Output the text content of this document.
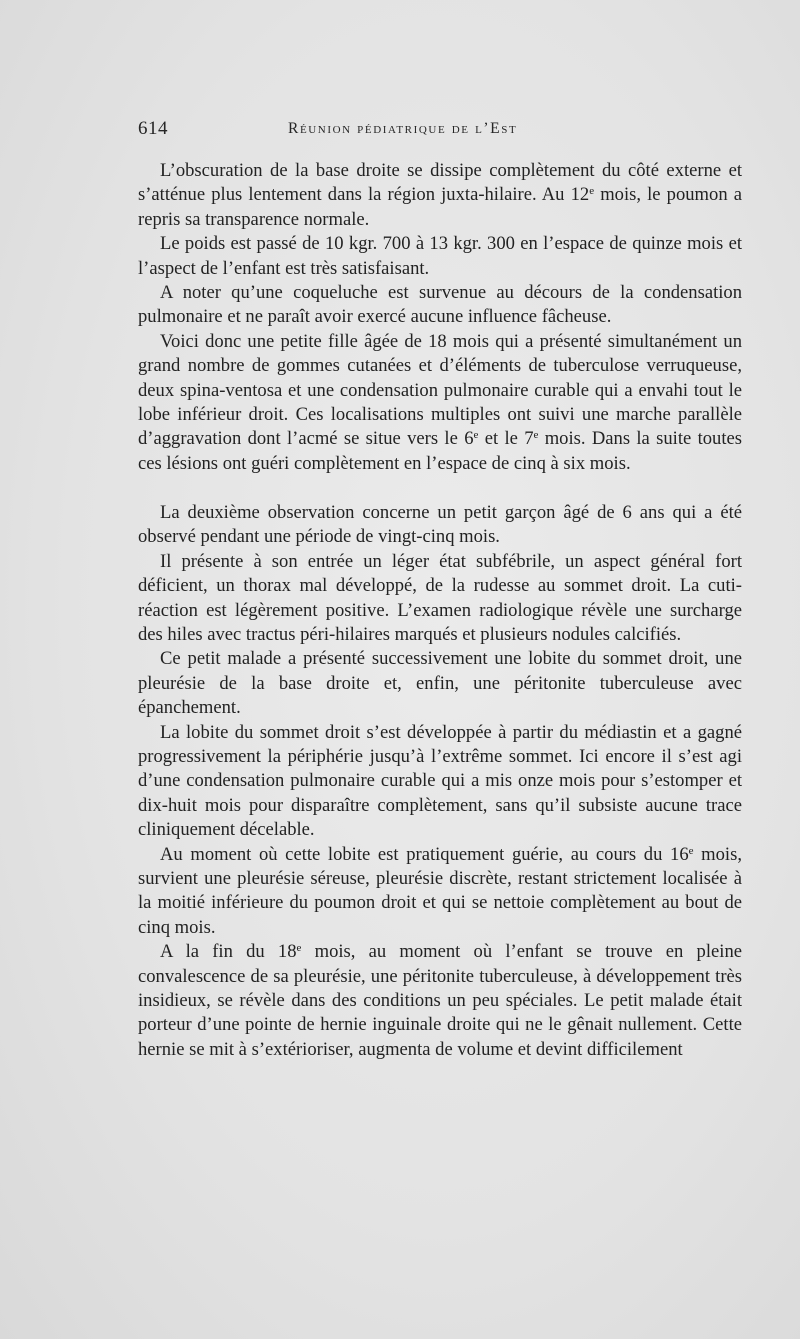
614	Réunion pédiatrique de l’Est

L’obscuration de la base droite se dissipe complètement du côté externe et s’atténue plus lentement dans la région juxta-hilaire. Au 12e mois, le poumon a repris sa transparence normale.

Le poids est passé de 10 kgr. 700 à 13 kgr. 300 en l’espace de quinze mois et l’aspect de l’enfant est très satisfaisant.

A noter qu’une coqueluche est survenue au décours de la condensation pulmonaire et ne paraît avoir exercé aucune influence fâcheuse.

Voici donc une petite fille âgée de 18 mois qui a présenté simultanément un grand nombre de gommes cutanées et d’éléments de tuberculose verruqueuse, deux spina-ventosa et une condensation pulmonaire curable qui a envahi tout le lobe inférieur droit. Ces localisations multiples ont suivi une marche parallèle d’aggravation dont l’acmé se situe vers le 6e et le 7e mois. Dans la suite toutes ces lésions ont guéri complètement en l’espace de cinq à six mois.

La deuxième observation concerne un petit garçon âgé de 6 ans qui a été observé pendant une période de vingt-cinq mois.

Il présente à son entrée un léger état subfébrile, un aspect général fort déficient, un thorax mal développé, de la rudesse au sommet droit. La cuti-réaction est légèrement positive. L’examen radiologique révèle une surcharge des hiles avec tractus péri-hilaires marqués et plusieurs nodules calcifiés.

Ce petit malade a présenté successivement une lobite du sommet droit, une pleurésie de la base droite et, enfin, une péritonite tuberculeuse avec épanchement.

La lobite du sommet droit s’est développée à partir du médiastin et a gagné progressivement la périphérie jusqu’à l’extrême sommet. Ici encore il s’est agi d’une condensation pulmonaire curable qui a mis onze mois pour s’estomper et dix-huit mois pour disparaître complètement, sans qu’il subsiste aucune trace cliniquement décelable.

Au moment où cette lobite est pratiquement guérie, au cours du 16e mois, survient une pleurésie séreuse, pleurésie discrète, restant strictement localisée à la moitié inférieure du poumon droit et qui se nettoie complètement au bout de cinq mois.

A la fin du 18e mois, au moment où l’enfant se trouve en pleine convalescence de sa pleurésie, une péritonite tuberculeuse, à développement très insidieux, se révèle dans des conditions un peu spéciales. Le petit malade était porteur d’une pointe de hernie inguinale droite qui ne le gênait nullement. Cette hernie se mit à s’extérioriser, augmenta de volume et devint difficilement
